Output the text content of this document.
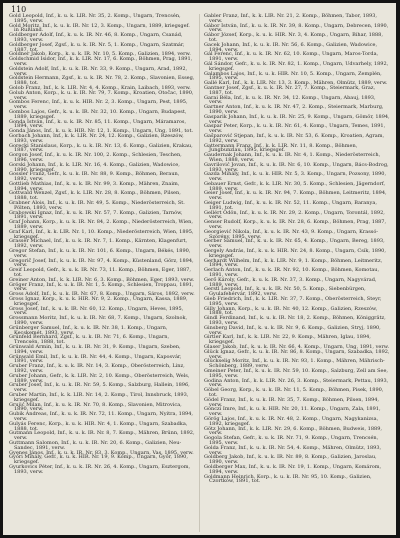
110

Gold Leopold, Inf., k. u. k. LIR. Nr. 35, 2. Komp., Ungarn, Trencsén, 1895, verw.

Gold Moritz, Inf., k. u. k. IR. Nr. 12, 3. Komp., Ungarn, 1889, kriegsgef. in Rußland.

Goldberger Adolf, Inf., k. u. k. IR. Nr. 46, 8. Komp., Ungarn, Csanád, 1893, verw.

Goldberger Josef, Zgsf., k. u. k. IR. Nr. 5, 1. Komp., Ungarn, Szatmár, 1887, tot.

Goldner Jakob, Korp., k. u. k. IR. Nr. 10, 5. Komp., Galizien, 1894, verw.

Goldschmid Isidor, Inf., k. k. LIR. Nr. 17, 6. Komp., Böhmen, Prag, 1891, verw.

Goldstein Adolf, Inf., k. u. k. IR. Nr. 33, 9. Komp., Ungarn, Arad, 1892, verw.

Goldstein Hermann, Zgsf., k. u. k. IR. Nr. 78, 2. Komp., Slavonien, Esseg, 1888, tot.

Golob Franz, Inf., k. k. LIR. Nr. 4, 4. Komp., Krain, Laibach, 1893, verw.

Golub Anton, Korp., k. u. k. IR. Nr. 79, 7. Komp., Kroatien, Otočac, 1890, verw.

Gombos Ferenc, Inf., k. u. k. HIR. Nr. 2, 3. Komp., Ungarn, Pest, 1895, verw.

Gombos Lajos, Gefr., k. u. k. IR. Nr. 32, 10. Komp., Ungarn, Budapest, 1889, kriegsgef.

Gonda István, Inf., k. u. k. IR. Nr. 85, 11. Komp., Ungarn, Máramaros, 1894, verw.

Gonda János, Inf., k. u. k. HIR. Nr. 12, 1. Komp., Ungarn, Ung, 1891, tot.

Gorbach Johann, Inf., k. k. LIR. Nr. 24, 12. Komp., Galizien, Rzeszów, 1893, verw.

Gorecki Stanislaus, Korp., k. u. k. IR. Nr. 13, 6. Komp., Galizien, Krakau, 1887, verw.

Gorgon Josef, Inf., k. u. k. IR. Nr. 100, 2. Komp., Schlesien, Teschen, 1896, verw.

Gorski Johann, Inf., k. k. LIR. Nr. 16, 4. Komp., Galizien, Wadowice, 1890, kriegsgef.

Gossler Franz, Gefr., k. u. k. IR. Nr. 88, 9. Komp., Böhmen, Beraun, 1892, verw.

Gottlieb Mathias, Inf., k. u. k. IR. Nr. 99, 3. Komp., Mähren, Znaim, 1894, verw.

Gottwald Wenzel, Zgsf., k. k. LIR. Nr. 28, 8. Komp., Böhmen, Pilsen, 1888, tot.

Grabner Alois, Inf., k. u. k. IR. Nr. 49, 5. Komp., Niederösterreich, St. Pölten, 1893, verw.

Grabowski Ignaz, Inf., k. u. k. IR. Nr. 57, 7. Komp., Galizien, Tarnów, 1891, verw.

Graf Johann, Korp., k. u. k. IR. Nr. 84, 2. Komp., Niederösterreich, Wien, 1889, verw.

Graf Karl, Inf., k. k. LIR. Nr. 1, 10. Komp., Niederösterreich, Wien, 1895, kriegsgef.

Grasser Michael, Inf., k. u. k. IR. Nr. 7, 1. Komp., Kärnten, Klagenfurt, 1892, verw.

Gregor Stefan, Inf., k. u. k. IR. Nr. 101, 6. Komp., Ungarn, Békés, 1890, verw.

Gregorič Josef, Inf., k. u. k. IR. Nr. 97, 4. Komp., Küstenland, Görz, 1894, verw.

Greif Leopold, Gefr., k. u. k. IR. Nr. 73, 11. Komp., Böhmen, Eger, 1887, tot.

Greiner Anton, Inf., k. k. LIR. Nr. 6, 3. Komp., Böhmen, Eger, 1893, verw.

Gröger Franz, Inf., k. u. k. IR. Nr. 1, 5. Komp., Schlesien, Troppau, 1891, verw.

Gross Adolf, Inf., k. u. k. IR. Nr. 67, 8. Komp., Ungarn, Sáros, 1892, verw.

Gross Ignaz, Korp., k. u. k. HIR. Nr. 9, 2. Komp., Ungarn, Kassa, 1889, kriegsgef.

Gross Josef, Inf., k. u. k. IR. Nr. 60, 12. Komp., Ungarn, Heves, 1895, verw.

Grossmann Moritz, Inf., k. u. k. IR. Nr. 68, 7. Komp., Ungarn, Szolnok, 1890, verw.

Grünberger Samuel, Inf., k. u. k. IR. Nr. 38, 1. Komp., Ungarn, Kecskemét, 1893, verw.

Grünfeld Bernhard, Zgsf., k. u. k. IR. Nr. 71, 6. Komp., Ungarn, Trencsén, 1888, tot.

Grünwald Armin, Inf., k. u. k. IR. Nr. 31, 9. Komp., Ungarn, Szeben, 1894, verw.

Grünwald Emil, Inf., k. u. k. IR. Nr. 44, 4. Komp., Ungarn, Kaposvár, 1891, verw.

Gruber Franz, Inf., k. u. k. IR. Nr. 14, 3. Komp., Oberösterreich, Linz, 1892, verw.

Gruber Johann, Gefr., k. k. LIR. Nr. 2, 10. Komp., Oberösterreich, Wels, 1889, verw.

Gruber Josef, Inf., k. u. k. IR. Nr. 59, 5. Komp., Salzburg, Hallein, 1896, verw.

Gruber Martin, Inf., k. k. LIR. Nr. 14, 2. Komp., Tirol, Innsbruck, 1893, kriegsgef.

Grujić Milan, Inf., k. u. k. IR. Nr. 70, 8. Komp., Slavonien, Mitrovica, 1890, verw.

Gubik Andreas, Inf., k. u. k. IR. Nr. 72, 11. Komp., Ungarn, Nyitra, 1894, verw.

Gulyás Ferenc, Korp., k. u. k. HIR. Nr. 4, 1. Komp., Ungarn, Szabadka, 1888, tot.

Gutmann Leopold, Inf., k. u. k. IR. Nr. 8, 7. Komp., Mähren, Brünn, 1892, verw.

Guttmann Salomon, Inf., k. u. k. IR. Nr. 20, 6. Komp., Galizien, Neu-Sandec, 1891, verw.

Gyenes János, Inf., k. u. k. IR. Nr. 83, 3. Komp., Ungarn, Vas, 1895, verw.

Győri Mihály, Gefr., k. u. k. HIR. Nr. 19, 9. Komp., Ungarn, Győr, 1890, kriegsgef.

Gyurkovics Péter, Inf., k. u. k. IR. Nr. 26, 4. Komp., Ungarn, Esztergom, 1893, verw.

Gabler Franz, Inf., k. k. LIR. Nr. 21, 2. Komp., Böhmen, Tabor, 1893, verw.

Gábor István, Inf., k. u. k. IR. Nr. 39, 8. Komp., Ungarn, Debrecen, 1890, verw.

Gábor József, Korp., k. u. k. HIR. Nr. 3, 4. Komp., Ungarn, Bihar, 1888, tot.

Gacek Johann, Inf., k. u. k. IR. Nr. 56, 6. Komp., Galizien, Wadowice, 1894, verw.

Gál Ferenc, Inf., k. u. k. IR. Nr. 62, 10. Komp., Ungarn, Maros-Torda, 1891, verw.

Gál Sándor, Gefr., k. u. k. IR. Nr. 82, 1. Komp., Ungarn, Udvarhely, 1892, kriegsgef.

Galambos Lajos, Inf., k. u. k. HIR. Nr. 10, 5. Komp., Ungarn, Zemplén, 1895, verw.

Gallé Karl, Inf., k. k. LIR. Nr. 13, 3. Komp., Mähren, Olmütz, 1889, verw.

Gantner Josef, Zgsf., k. u. k. IR. Nr. 27, 7. Komp., Steiermark, Graz, 1887, tot.

Garai Béla, Inf., k. u. k. IR. Nr. 34, 12. Komp., Ungarn, Abauj, 1893, verw.

Gartner Anton, Inf., k. u. k. IR. Nr. 47, 2. Komp., Steiermark, Marburg, 1890, verw.

Gasparik Johann, Inf., k. u. k. IR. Nr. 25, 9. Komp., Ungarn, Gömör, 1894, verw.

Gaspar Peter, Korp., k. u. k. IR. Nr. 61, 4. Komp., Ungarn, Temes, 1891, verw.

Gašparović Stjepan, Inf., k. u. k. IR. Nr. 53, 6. Komp., Kroatien, Agram, 1892, verw.

Gattermann Franz, Inf., k. k. LIR. Nr. 11, 8. Komp., Böhmen, Jungbunzlau, 1895, kriegsgef.

Gaudernak Johann, Inf., k. u. k. IR. Nr. 4, 1. Komp., Niederösterreich, Wien, 1888, verw.

Gavrilović Jovan, Inf., k. u. k. IR. Nr. 6, 10. Komp., Ungarn, Bács-Bodrog, 1893, verw.

Gazda Mihály, Inf., k. u. k. HIR. Nr. 5, 3. Komp., Ungarn, Pozsony, 1890, verw.

Gebauer Ernst, Gefr., k. k. LIR. Nr. 30, 5. Komp., Schlesien, Jägerndorf, 1889, verw.

Geier Josef, Inf., k. u. k. IR. Nr. 94, 7. Komp., Böhmen, Leitmeritz, 1894, verw.

Geiger Ludwig, Inf., k. u. k. IR. Nr. 52, 11. Komp., Ungarn, Baranya, 1891, tot.

Gellért Ödön, Inf., k. u. k. IR. Nr. 29, 2. Komp., Ungarn, Torontál, 1892, verw.

Genser Rudolf, Korp., k. u. k. IR. Nr. 28, 6. Komp., Böhmen, Prag, 1887, verw.

Georgiević Nikola, Inf., k. u. k. IR. Nr. 43, 9. Komp., Ungarn, Krassó-Szörény, 1895, verw.

Gerber Samuel, Inf., k. u. k. IR. Nr. 65, 4. Komp., Ungarn, Bereg, 1893, verw.

Gergely András, Inf., k. u. k. HIR. Nr. 24, 8. Komp., Ungarn, Csík, 1890, kriegsgef.

Gerhardt Wilhelm, Inf., k. k. LIR. Nr. 9, 1. Komp., Böhmen, Leitmeritz, 1894, verw.

Gerlach Anton, Inf., k. u. k. IR. Nr. 92, 10. Komp., Böhmen, Komotau, 1891, verw.

Gerő Károly, Gefr., k. u. k. IR. Nr. 37, 3. Komp., Ungarn, Nagyvárad, 1889, verw.

Gerstl Leopold, Inf., k. u. k. IR. Nr. 50, 5. Komp., Siebenbürgen, Gyulafehérvár, 1892, verw.

Gieb Friedrich, Inf., k. k. LIR. Nr. 37, 7. Komp., Oberösterreich, Steyr, 1895, verw.

Gilly Johann, Korp., k. u. k. IR. Nr. 40, 12. Komp., Galizien, Rzeszów, 1888, tot.

Gindl Ferdinand, Inf., k. u. k. IR. Nr. 18, 2. Komp., Böhmen, Königgrätz, 1893, verw.

Ginsberg David, Inf., k. u. k. IR. Nr. 9, 6. Komp., Galizien, Stryj, 1890, verw.

Girtler Karl, Inf., k. k. LIR. Nr. 22, 9. Komp., Mähren, Iglau, 1894, kriegsgef.

Glaser Jakob, Inf., k. u. k. IR. Nr. 66, 4. Komp., Ungarn, Ung, 1891, verw.

Glück Ignaz, Gefr., k. u. k. IR. Nr. 86, 8. Komp., Ungarn, Szabadka, 1892, verw.

Glückselig Moritz, Inf., k. u. k. IR. Nr. 93, 1. Komp., Mähren, Mährisch-Schönberg, 1889, verw.

Gmeiner Peter, Inf., k. u. k. IR. Nr. 59, 10. Komp., Salzburg, Zell am See, 1895, verw.

Godina Anton, Inf., k. k. LIR. Nr. 26, 3. Komp., Steiermark, Pettau, 1893, verw.

Göbel Georg, Korp., k. u. k. IR. Nr. 11, 5. Komp., Böhmen, Pisek, 1890, tot.

Gödel Franz, Inf., k. u. k. IR. Nr. 35, 7. Komp., Böhmen, Pilsen, 1894, verw.

Gönczi Imre, Inf., k. u. k. HIR. Nr. 20, 11. Komp., Ungarn, Zala, 1891, verw.

Görög Lajos, Inf., k. u. k. IR. Nr. 48, 2. Komp., Ungarn, Nagykanizsa, 1892, kriegsgef.

Götz Johann, Inf., k. k. LIR. Nr. 29, 6. Komp., Böhmen, Budweis, 1889, verw.

Gogola Stefan, Gefr., k. u. k. IR. Nr. 71, 9. Komp., Ungarn, Trencsén, 1895, verw.

Golda Franz, Inf., k. u. k. IR. Nr. 54, 4. Komp., Mähren, Olmütz, 1893, verw.

Goldberg Jakob, Inf., k. u. k. IR. Nr. 89, 8. Komp., Galizien, Jaroslau, 1890, verw.

Goldberger Max, Inf., k. u. k. IR. Nr. 19, 1. Komp., Ungarn, Komárom, 1894, verw.

Goldmann Heinrich, Korp., k. u. k. IR. Nr. 95, 10. Komp., Galizien, Czortków, 1891, tot.
